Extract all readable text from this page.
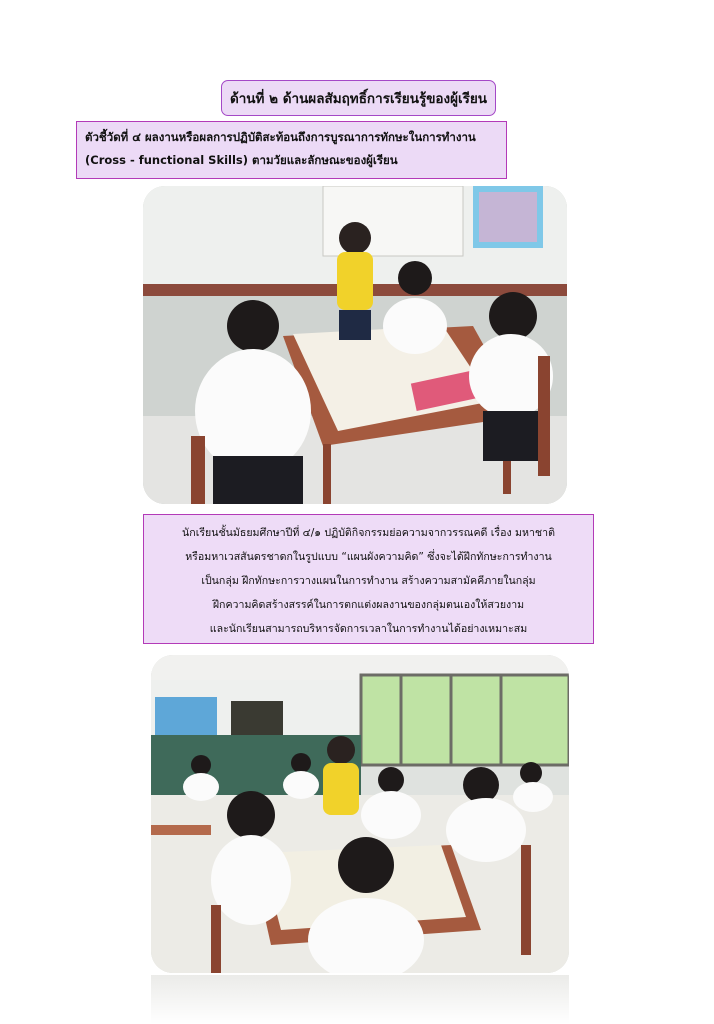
ด้านที่ ๒ ด้านผลสัมฤทธิ์การเรียนรู้ของผู้เรียน
ตัวชี้วัดที่ ๔ ผลงานหรือผลการปฏิบัติสะท้อนถึงการบูรณาการทักษะในการทำงาน
(Cross - functional Skills) ตามวัยและลักษณะของผู้เรียน
นักเรียนชั้นมัธยมศึกษาปีที่ ๔/๑ ปฏิบัติกิจกรรมย่อความจากวรรณคดี เรื่อง มหาชาติ
หรือมหาเวสสันดรชาดกในรูปแบบ “แผนผังความคิด” ซึ่งจะได้ฝึกทักษะการทำงาน
เป็นกลุ่ม ฝึกทักษะการวางแผนในการทำงาน สร้างความสามัคคีภายในกลุ่ม
ฝึกความคิดสร้างสรรค์ในการตกแต่งผลงานของกลุ่มตนเองให้สวยงาม
และนักเรียนสามารถบริหารจัดการเวลาในการทำงานได้อย่างเหมาะสม
